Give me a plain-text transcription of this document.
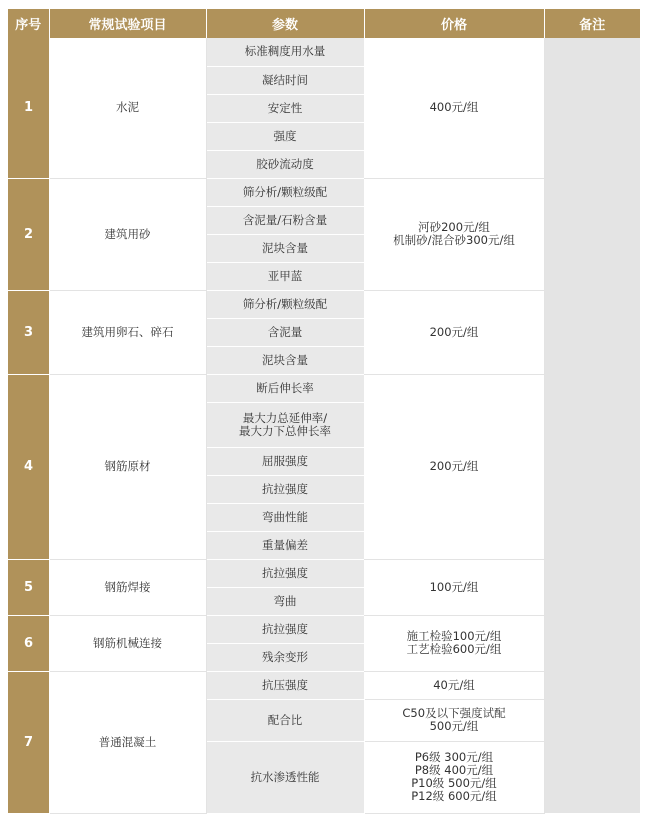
序号	常规试验项目	参数	价格	备注
1	水泥	标准稠度用水量	400元/组	

		凝结时间		
		安定性		
		强度		
		胶砂流动度		
2	建筑用砂	筛分析/颗粒级配	河砂200元/组
机制砂/混合砂300元/组	

		含泥量/石粉含量		
		泥块含量		
		亚甲蓝		
3	建筑用卵石、碎石	筛分析/颗粒级配	200元/组	

		含泥量		
		泥块含量		
4	钢筋原材	断后伸长率	200元/组	

		最大力总延伸率/
最大力下总伸长率		

		屈服强度		
		抗拉强度		
		弯曲性能		
		重量偏差		
5	钢筋焊接	抗拉强度	100元/组	

		弯曲		
6	钢筋机械连接	抗拉强度	施工检验100元/组
工艺检验600元/组	

		残余变形		
7	普通混凝土	抗压强度	40元/组	

		配合比	C50及以下强度试配
500元/组	

		抗水渗透性能	P6级 300元/组
P8级 400元/组
P10级 500元/组
P12级 600元/组	
